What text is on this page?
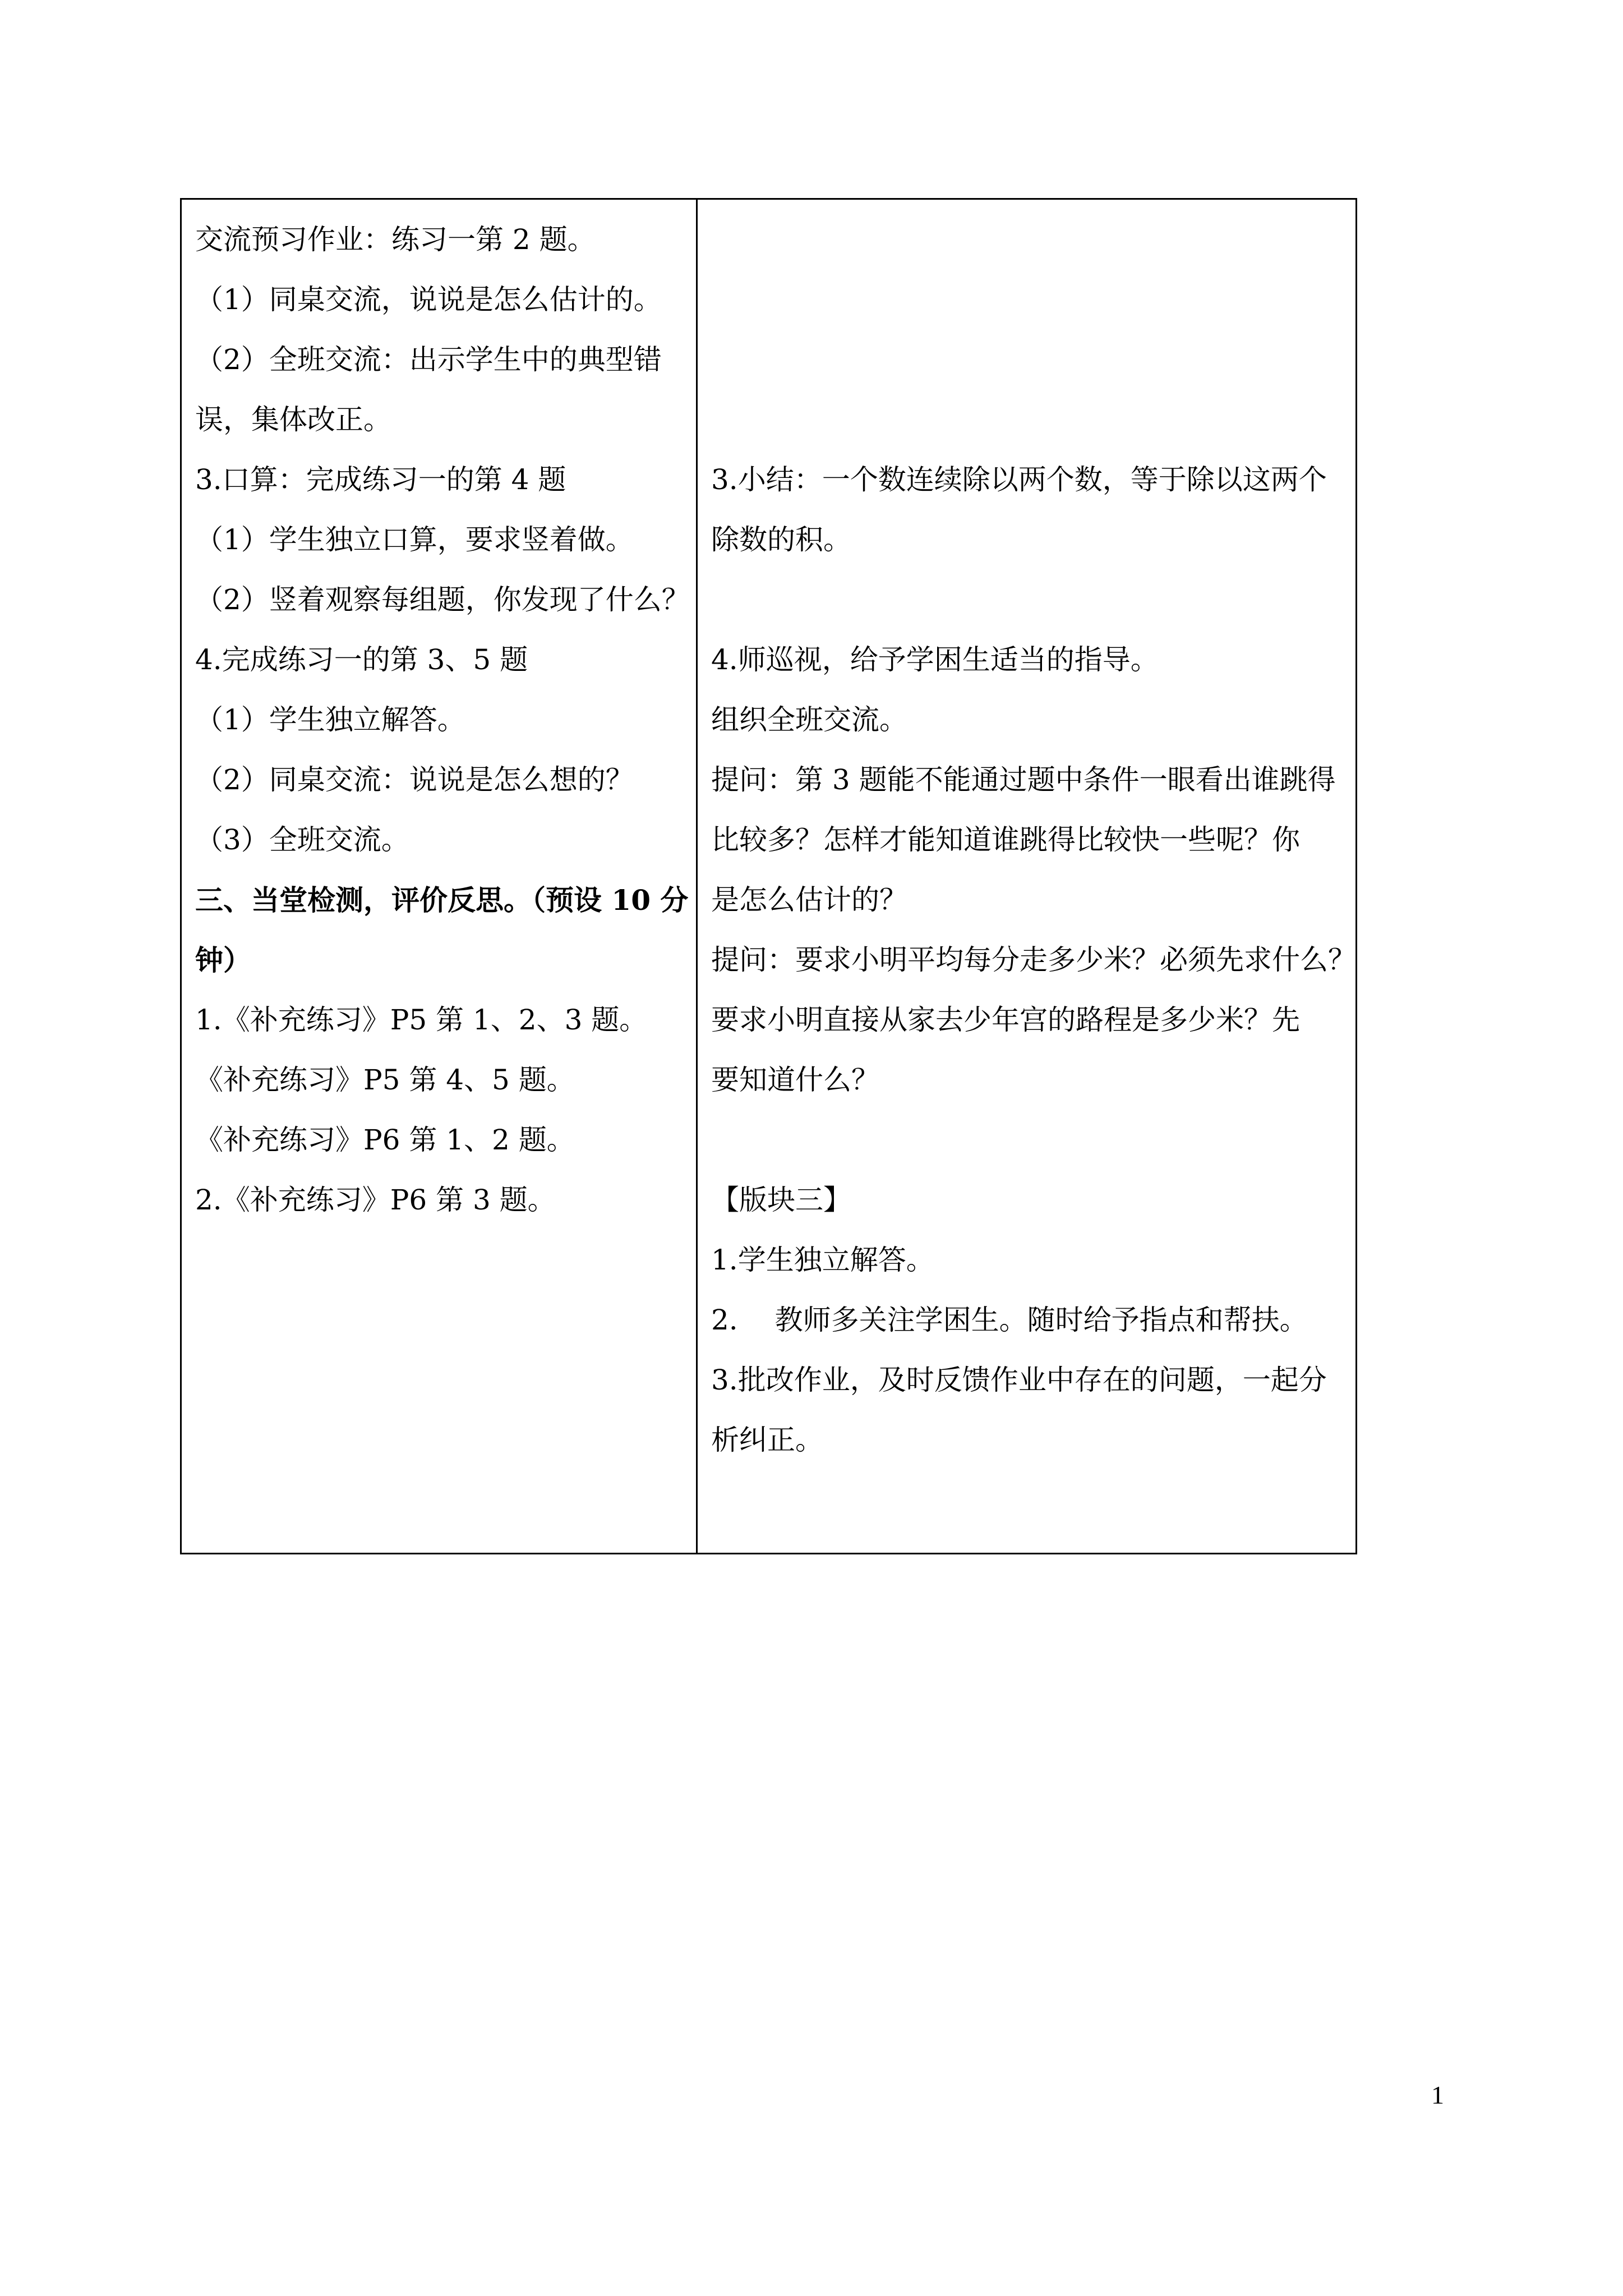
交流预习作业：练习一第 2 题。
（1）同桌交流，说说是怎么估计的。
（2）全班交流：出示学生中的典型错
误，集体改正。
3.口算：完成练习一的第 4 题
（1）学生独立口算，要求竖着做。
（2）竖着观察每组题，你发现了什么？
4.完成练习一的第 3、5 题
（1）学生独立解答。
（2）同桌交流：说说是怎么想的？
（3）全班交流。
三、当堂检测，评价反思。（预设 10 分
钟）
1.《补充练习》P5 第 1、2、3 题。
《补充练习》P5 第 4、5 题。
《补充练习》P6 第 1、2 题。
2.《补充练习》P6 第 3 题。

3.小结：一个数连续除以两个数，等于除以这两个
除数的积。
4.师巡视，给予学困生适当的指导。
组织全班交流。
提问：第 3 题能不能通过题中条件一眼看出谁跳得
比较多？怎样才能知道谁跳得比较快一些呢？你
是怎么估计的？
提问：要求小明平均每分走多少米？必须先求什么？
要求小明直接从家去少年宫的路程是多少米？先
要知道什么？
【版块三】
1.学生独立解答。
2.　 教师多关注学困生。随时给予指点和帮扶。
3.批改作业，及时反馈作业中存在的问题，一起分
析纠正。
1
